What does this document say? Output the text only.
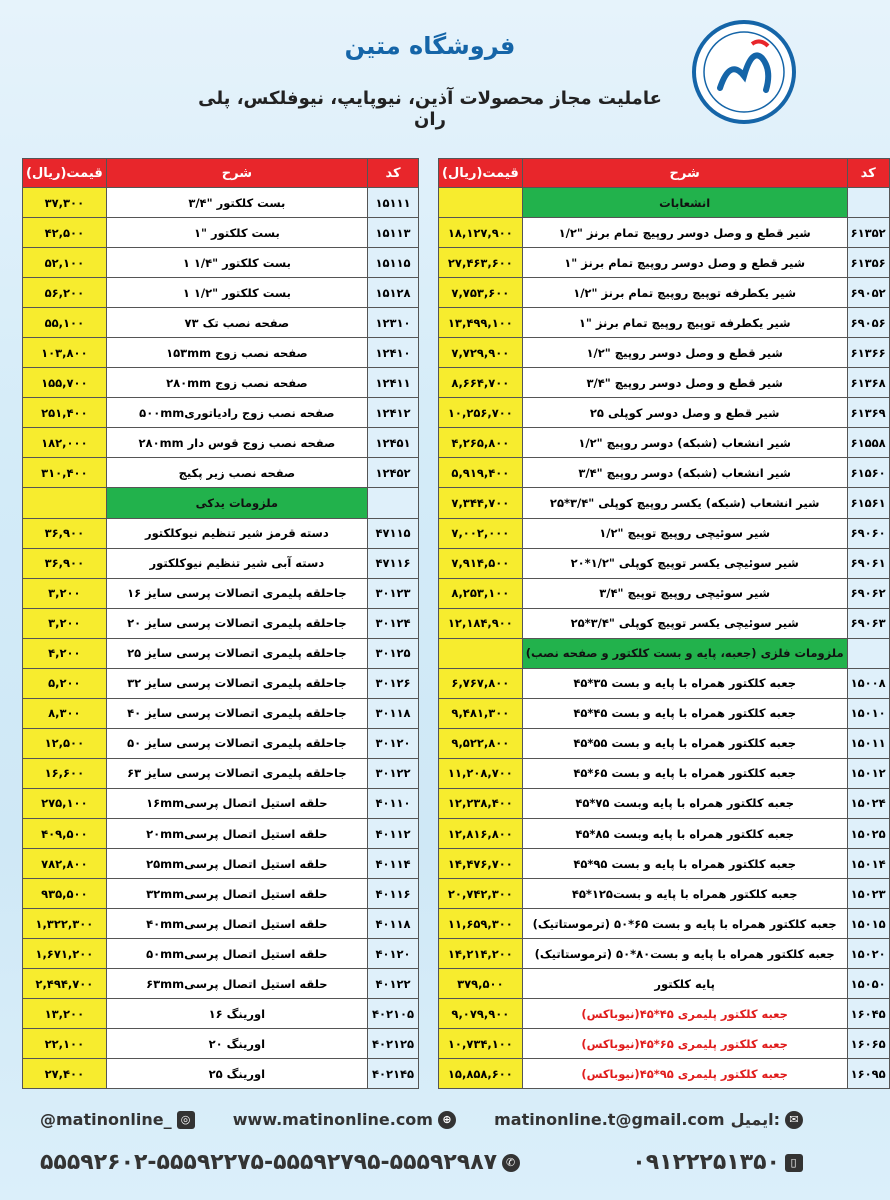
فروشگاه متین
عاملیت مجاز محصولات آذین، نیوپایپ، نیوفلکس، پلی ران
کد	شرح	قیمت(ریال)
	انشعابات	
۶۱۳۵۲	شیر قطع و وصل دوسر روپیچ تمام برنز "۱/۲	۱۸,۱۲۷,۹۰۰
۶۱۳۵۶	شیر قطع و وصل دوسر روپیچ تمام برنز "۱	۲۷,۴۶۳,۶۰۰
۶۹۰۵۲	شیر یکطرفه توپیچ روپیچ تمام برنز "۱/۲	۷,۷۵۳,۶۰۰
۶۹۰۵۶	شیر یکطرفه توپیچ روپیچ تمام برنز "۱	۱۳,۴۹۹,۱۰۰
۶۱۳۶۶	شیر قطع و وصل دوسر روپیچ "۱/۲	۷,۷۲۹,۹۰۰
۶۱۳۶۸	شیر قطع و وصل دوسر روپیچ "۳/۴	۸,۶۶۴,۷۰۰
۶۱۳۶۹	شیر قطع و وصل دوسر کوپلی ۲۵	۱۰,۲۵۶,۷۰۰
۶۱۵۵۸	شیر انشعاب (شبکه) دوسر روپیچ "۱/۲	۴,۲۶۵,۸۰۰
۶۱۵۶۰	شیر انشعاب (شبکه) دوسر روپیچ "۳/۴	۵,۹۱۹,۴۰۰
۶۱۵۶۱	شیر انشعاب (شبکه) یکسر روپیچ کوپلی "۳/۴*۲۵	۷,۳۴۴,۷۰۰
۶۹۰۶۰	شیر سوئیچی روپیچ توپیچ "۱/۲	۷,۰۰۲,۰۰۰
۶۹۰۶۱	شیر سوئیچی یکسر توپیچ کوپلی "۱/۲*۲۰	۷,۹۱۴,۵۰۰
۶۹۰۶۲	شیر سوئیچی روپیچ توپیچ "۳/۴	۸,۲۵۳,۱۰۰
۶۹۰۶۳	شیر سوئیچی یکسر توپیچ کوپلی "۳/۴*۲۵	۱۲,۱۸۴,۹۰۰
	ملزومات فلزی (جعبه، پایه و بست کلکتور و صفحه نصب)	
۱۵۰۰۸	جعبه کلکتور همراه با پایه و بست ۳۵*۴۵	۶,۷۶۷,۸۰۰
۱۵۰۱۰	جعبه کلکتور همراه با پایه و بست ۴۵*۴۵	۹,۴۸۱,۳۰۰
۱۵۰۱۱	جعبه کلکتور همراه با پایه و بست ۵۵*۴۵	۹,۵۲۲,۸۰۰
۱۵۰۱۲	جعبه کلکتور همراه با پایه و بست ۶۵*۴۵	۱۱,۲۰۸,۷۰۰
۱۵۰۲۴	جعبه کلکتور همراه با پایه وبست ۷۵*۴۵	۱۲,۲۳۸,۴۰۰
۱۵۰۲۵	جعبه کلکتور همراه با پایه وبست ۸۵*۴۵	۱۲,۸۱۶,۸۰۰
۱۵۰۱۴	جعبه کلکتور همراه با پایه و بست ۹۵*۴۵	۱۴,۴۷۶,۷۰۰
۱۵۰۲۳	جعبه کلکتور همراه با پایه و بست۱۲۵*۴۵	۲۰,۷۴۲,۳۰۰
۱۵۰۱۵	جعبه کلکتور همراه با پایه و بست ۶۵*۵۰ (ترموستاتیک)	۱۱,۶۵۹,۳۰۰
۱۵۰۲۰	جعبه کلکتور همراه با پایه و بست۸۰*۵۰ (ترموستاتیک)	۱۴,۲۱۴,۲۰۰
۱۵۰۵۰	پایه کلکتور	۳۷۹,۵۰۰
۱۶۰۴۵	جعبه کلکتور پلیمری ۴۵*۴۵(نیوباکس)	۹,۰۷۹,۹۰۰
۱۶۰۶۵	جعبه کلکتور پلیمری ۶۵*۴۵(نیوباکس)	۱۰,۷۳۴,۱۰۰
۱۶۰۹۵	جعبه کلکتور پلیمری ۹۵*۴۵(نیوباکس)	۱۵,۸۵۸,۶۰۰
کد	شرح	قیمت(ریال)
۱۵۱۱۱	بست کلکتور "۳/۴	۳۷,۳۰۰
۱۵۱۱۳	بست کلکتور "۱	۴۲,۵۰۰
۱۵۱۱۵	بست کلکتور "۱/۴ ۱	۵۲,۱۰۰
۱۵۱۲۸	بست کلکتور "۱/۲ ۱	۵۶,۲۰۰
۱۲۳۱۰	صفحه نصب تک ۷۳	۵۵,۱۰۰
۱۲۴۱۰	صفحه نصب زوج ۱۵۳mm	۱۰۳,۸۰۰
۱۲۴۱۱	صفحه نصب زوج ۲۸۰mm	۱۵۵,۷۰۰
۱۲۴۱۲	صفحه نصب زوج رادیاتوری۵۰۰mm	۲۵۱,۴۰۰
۱۲۴۵۱	صفحه نصب زوج قوس دار ۲۸۰mm	۱۸۲,۰۰۰
۱۲۴۵۲	صفحه نصب زیر پکیج	۳۱۰,۴۰۰
	ملزومات یدکی	
۴۷۱۱۵	دسته قرمز شیر تنظیم نیوکلکتور	۳۶,۹۰۰
۴۷۱۱۶	دسته آبی شیر تنظیم نیوکلکتور	۳۶,۹۰۰
۳۰۱۲۳	جاحلقه پلیمری اتصالات پرسی سایز ۱۶	۳,۲۰۰
۳۰۱۲۴	جاحلقه پلیمری اتصالات پرسی سایز ۲۰	۳,۲۰۰
۳۰۱۲۵	جاحلقه پلیمری اتصالات پرسی سایز ۲۵	۴,۲۰۰
۳۰۱۲۶	جاحلقه پلیمری اتصالات پرسی سایز ۳۲	۵,۲۰۰
۳۰۱۱۸	جاحلقه پلیمری اتصالات پرسی سایز ۴۰	۸,۳۰۰
۳۰۱۲۰	جاحلقه پلیمری اتصالات پرسی سایز ۵۰	۱۲,۵۰۰
۳۰۱۲۲	جاحلقه پلیمری اتصالات پرسی سایز ۶۳	۱۶,۶۰۰
۴۰۱۱۰	حلقه استیل اتصال پرسی۱۶mm	۲۷۵,۱۰۰
۴۰۱۱۲	حلقه استیل اتصال پرسی۲۰mm	۴۰۹,۵۰۰
۴۰۱۱۴	حلقه استیل اتصال پرسی۲۵mm	۷۸۲,۸۰۰
۴۰۱۱۶	حلقه استیل اتصال پرسی۳۲mm	۹۳۵,۵۰۰
۴۰۱۱۸	حلقه استیل اتصال پرسی۴۰mm	۱,۳۲۲,۳۰۰
۴۰۱۲۰	حلقه استیل اتصال پرسی۵۰mm	۱,۶۷۱,۲۰۰
۴۰۱۲۲	حلقه استیل اتصال پرسی۶۳mm	۲,۴۹۴,۷۰۰
۴۰۲۱۰۵	اورینگ ۱۶	۱۳,۲۰۰
۴۰۲۱۲۵	اورینگ ۲۰	۲۲,۱۰۰
۴۰۲۱۴۵	اورینگ ۲۵	۲۷,۴۰۰
@matinonline_ ◎	www.matinonline.com ⊕	matinonline.t@gmail.com ایمیل: ✉
۵۵۵۹۲۶۰۲-۵۵۵۹۲۲۷۵-۵۵۵۹۲۷۹۵-۵۵۵۹۲۹۸۷ ✆	۰۹۱۲۲۲۵۱۳۵۰ ▯
